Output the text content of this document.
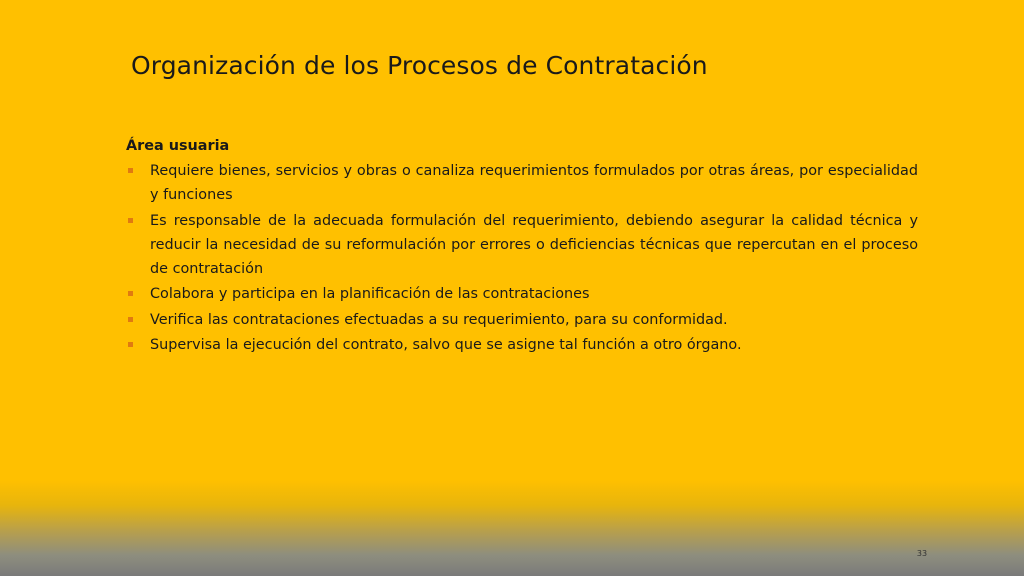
Organización de los Procesos de Contratación

Área usuaria

Requiere bienes, servicios y obras o canaliza requerimientos formulados por otras áreas, por especialidad y funciones
Es responsable de la adecuada formulación del requerimiento, debiendo asegurar la calidad técnica y reducir la necesidad de su reformulación por errores o deficiencias técnicas que repercutan en el proceso de contratación
Colabora y participa en la planificación de las contrataciones
Verifica las contrataciones efectuadas a su requerimiento, para su conformidad.
Supervisa la ejecución del contrato, salvo que se asigne tal función a otro órgano.
33
